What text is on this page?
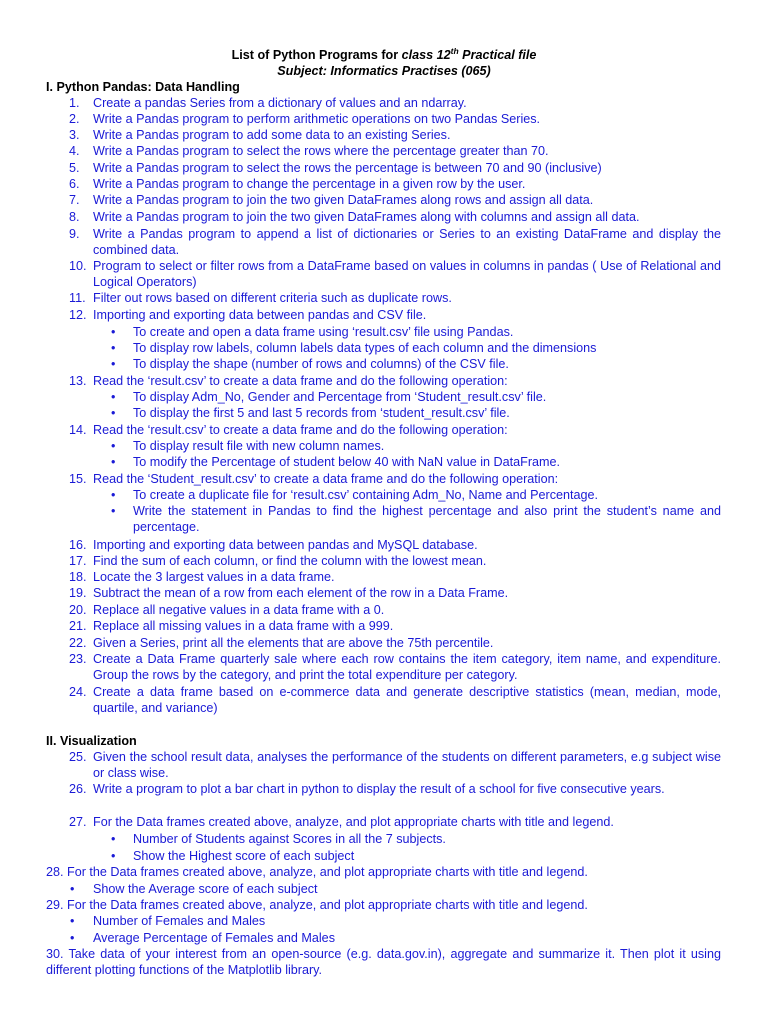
List of Python Programs for class 12th Practical file
Subject: Informatics Practises (065)
I. Python Pandas: Data Handling
1.	Create a pandas Series from a dictionary of values and an ndarray.
2.	Write a Pandas program to perform arithmetic operations on two Pandas Series.
3.	Write a Pandas program to add some data to an existing Series.
4.	Write a Pandas program to select the rows where the percentage greater than 70.
5.	Write a Pandas program to select the rows the percentage is between 70 and 90 (inclusive)
6.	Write a Pandas program to change the percentage in a given row by the user.
7.	Write a Pandas program to join the two given DataFrames along rows and assign all data.
8.	Write a Pandas program to join the two given DataFrames along with columns and assign all data.
9.	Write a Pandas program to append a list of dictionaries or Series to an existing DataFrame and display the combined data.
10. Program to select or filter rows from a DataFrame based on values in columns in pandas ( Use of Relational and Logical Operators)
11. Filter out rows based on different criteria such as duplicate rows.
12. Importing and exporting data between pandas and CSV file.
• To create and open a data frame using ‘result.csv’ file using Pandas.
• To display row labels, column labels data types of each column and the dimensions
• To display the shape (number of rows and columns) of the CSV file.
13. Read the ‘result.csv’ to create a data frame and do the following operation:
• To display Adm_No, Gender and Percentage from ‘Student_result.csv’ file.
• To display the first 5 and last 5 records from ‘student_result.csv’ file.
14. Read the ‘result.csv’ to create a data frame and do the following operation:
• To display result file with new column names.
• To modify the Percentage of student below 40 with NaN value in DataFrame.
15. Read the ‘Student_result.csv’ to create a data frame and do the following operation:
• To create a duplicate file for ‘result.csv’ containing Adm_No, Name and Percentage.
• Write the statement in Pandas to find the highest percentage and also print the student’s name and percentage.
16. Importing and exporting data between pandas and MySQL database.
17. Find the sum of each column, or find the column with the lowest mean.
18. Locate the 3 largest values in a data frame.
19. Subtract the mean of a row from each element of the row in a Data Frame.
20. Replace all negative values in a data frame with a 0.
21. Replace all missing values in a data frame with a 999.
22. Given a Series, print all the elements that are above the 75th percentile.
23. Create a Data Frame quarterly sale where each row contains the item category, item name, and expenditure. Group the rows by the category, and print the total expenditure per category.
24. Create a data frame based on e-commerce data and generate descriptive statistics (mean, median, mode, quartile, and variance)
II. Visualization
25. Given the school result data, analyses the performance of the students on different parameters, e.g subject wise or class wise.
26. Write a program to plot a bar chart in python to display the result of a school for five consecutive years.
27. For the Data frames created above, analyze, and plot appropriate charts with title and legend.
• Number of Students against Scores in all the 7 subjects.
• Show the Highest score of each subject
28. For the Data frames created above, analyze, and plot appropriate charts with title and legend.
• Show the Average score of each subject
29. For the Data frames created above, analyze, and plot appropriate charts with title and legend.
• Number of Females and Males
• Average Percentage of Females and Males
30. Take data of your interest from an open-source (e.g. data.gov.in), aggregate and summarize it. Then plot it using different plotting functions of the Matplotlib library.
